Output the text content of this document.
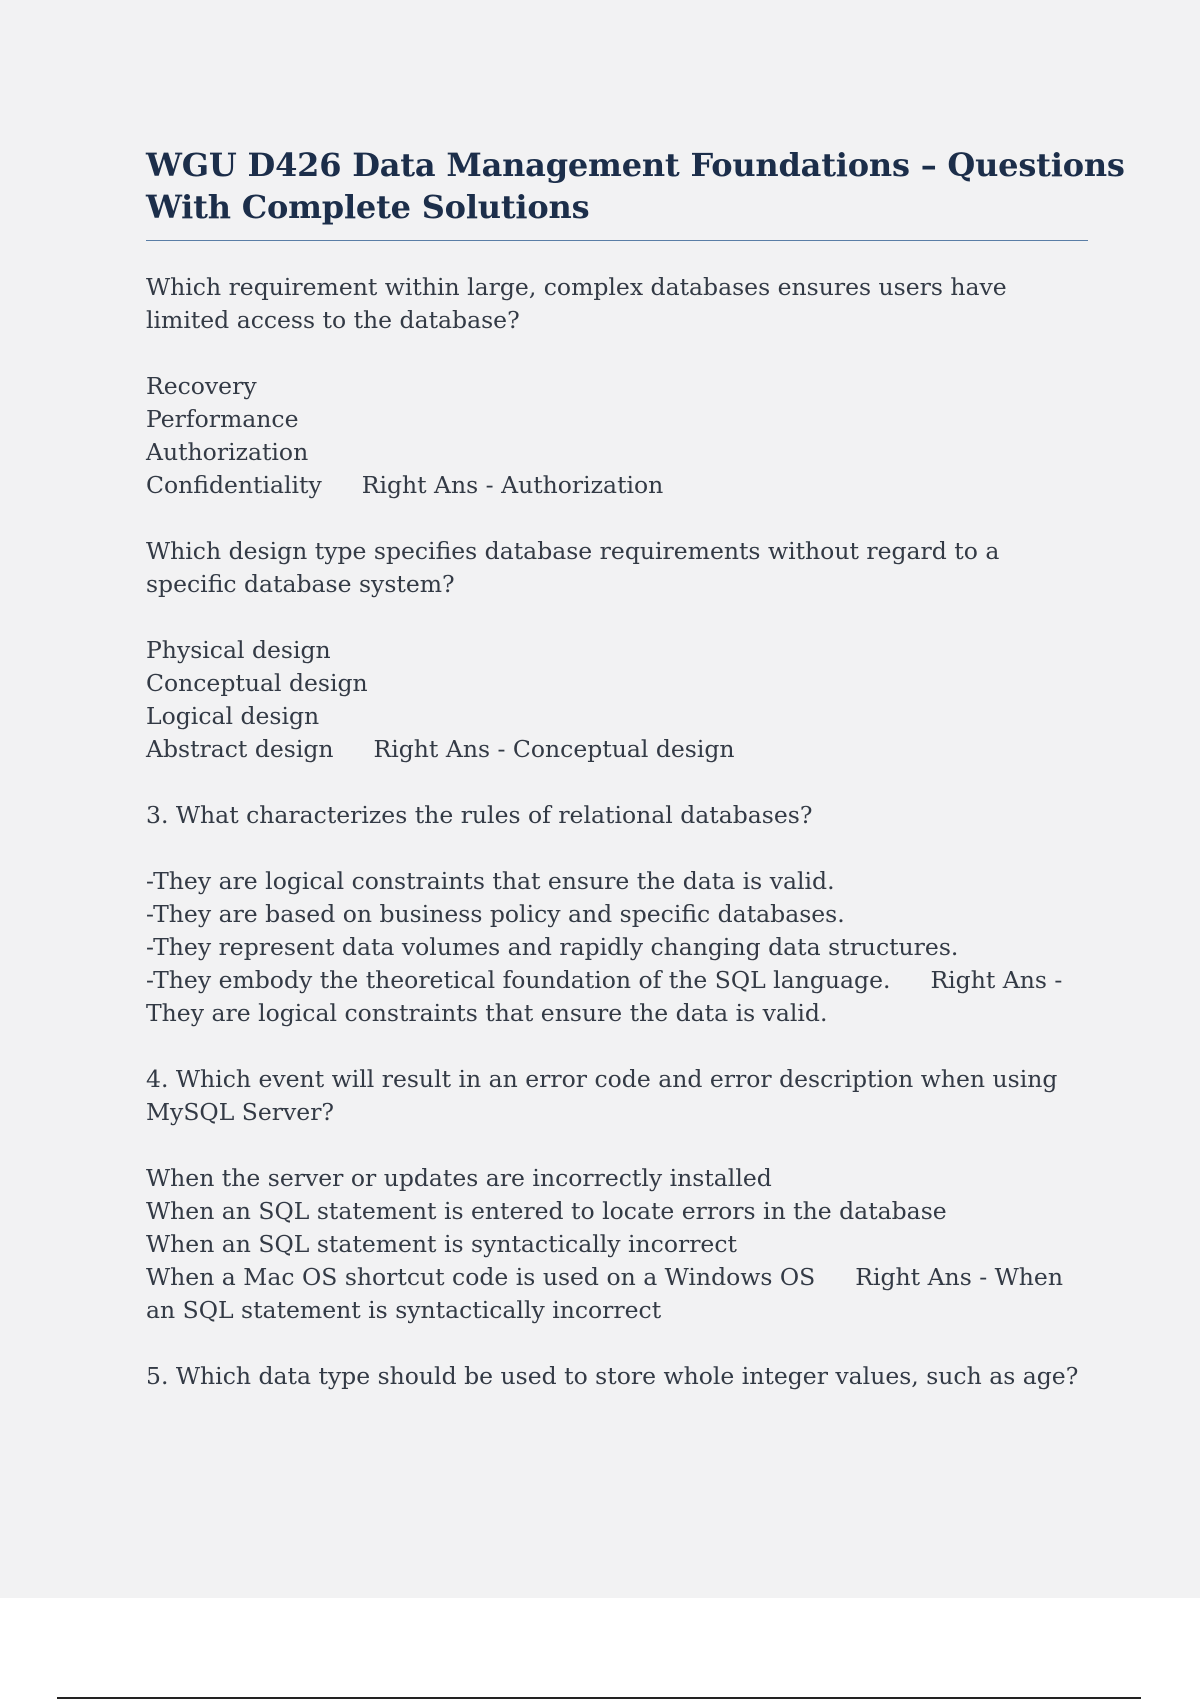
WGU D426 Data Management Foundations – Questions
With Complete Solutions

Which requirement within large, complex databases ensures users have
limited access to the database?

Recovery
Performance
Authorization
Confidentiality Right Ans - Authorization

Which design type specifies database requirements without regard to a
specific database system?

Physical design
Conceptual design
Logical design
Abstract design Right Ans - Conceptual design

3. What characterizes the rules of relational databases?

-They are logical constraints that ensure the data is valid.
-They are based on business policy and specific databases.
-They represent data volumes and rapidly changing data structures.
-They embody the theoretical foundation of the SQL language. Right Ans -
They are logical constraints that ensure the data is valid.

4. Which event will result in an error code and error description when using
MySQL Server?

When the server or updates are incorrectly installed
When an SQL statement is entered to locate errors in the database
When an SQL statement is syntactically incorrect
When a Mac OS shortcut code is used on a Windows OS Right Ans - When
an SQL statement is syntactically incorrect

5. Which data type should be used to store whole integer values, such as age?
